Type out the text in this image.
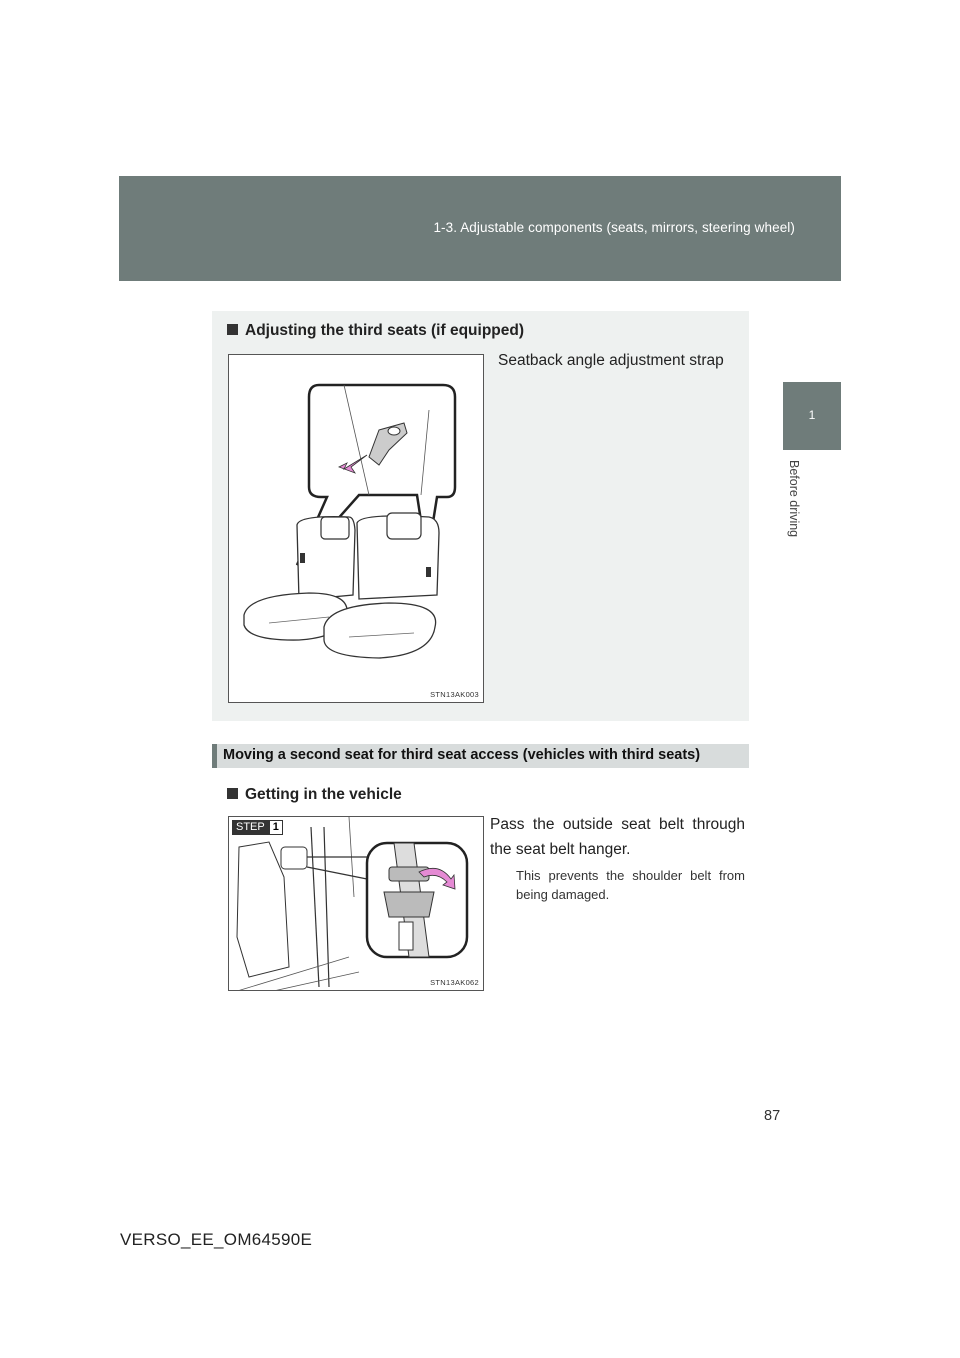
1-3. Adjustable components (seats, mirrors, steering wheel)
1
Before driving
Adjusting the third seats (if equipped)
STN13AK003
Seatback angle adjustment strap
Moving a second seat for third seat access (vehicles with third seats)
Getting in the vehicle
STEP 1
STN13AK062
Pass the outside seat belt through the seat belt hanger.
This prevents the shoulder belt from being damaged.
87
VERSO_EE_OM64590E
